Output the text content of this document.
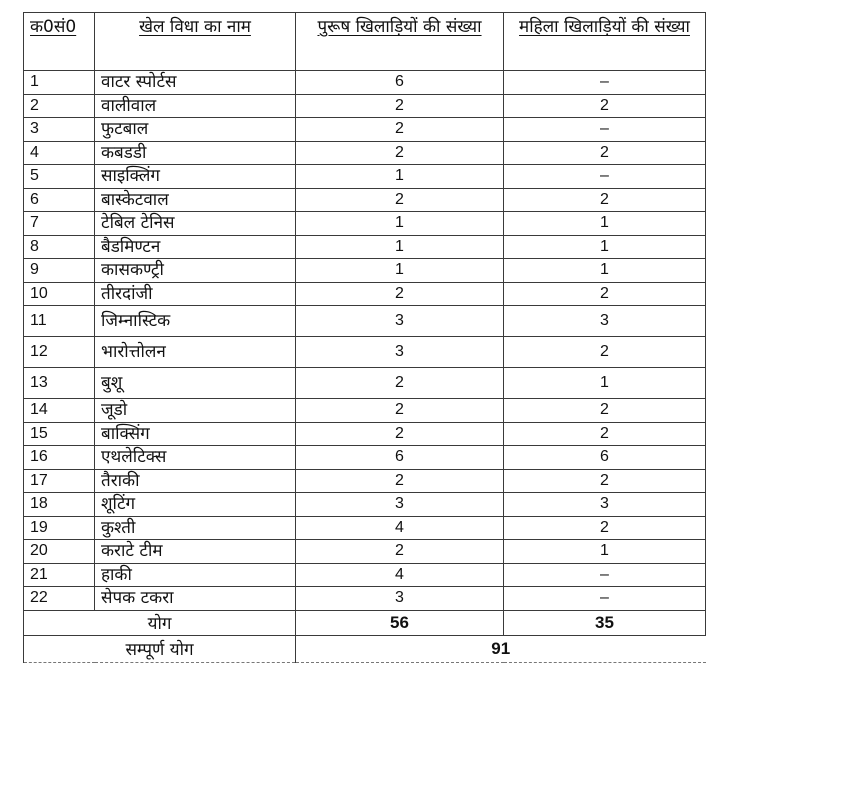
क0सं0	खेल विधा का नाम	पुरूष खिलाड़ियों की संख्या	महिला खिलाड़ियों की संख्या
1	वाटर स्पोर्टस	6	–
2	वालीवाल	2	2
3	फुटबाल	2	–
4	कबडडी	2	2
5	साइक्लिंग	1	–
6	बास्केटवाल	2	2
7	टेबिल टेनिस	1	1
8	बैडमिण्टन	1	1
9	कासकण्ट्री	1	1
10	तीरदांजी	2	2
11	जिम्नास्टिक	3	3
12	भारोत्तोलन	3	2
13	बुशू	2	1
14	जूडो	2	2
15	बाक्सिंग	2	2
16	एथलेटिक्स	6	6
17	तैराकी	2	2
18	शूटिंग	3	3
19	कुश्ती	4	2
20	कराटे टीम	2	1
21	हाकी	4	–
22	सेपक टकरा	3	–
योग		56	35
सम्पूर्ण योग		91	
